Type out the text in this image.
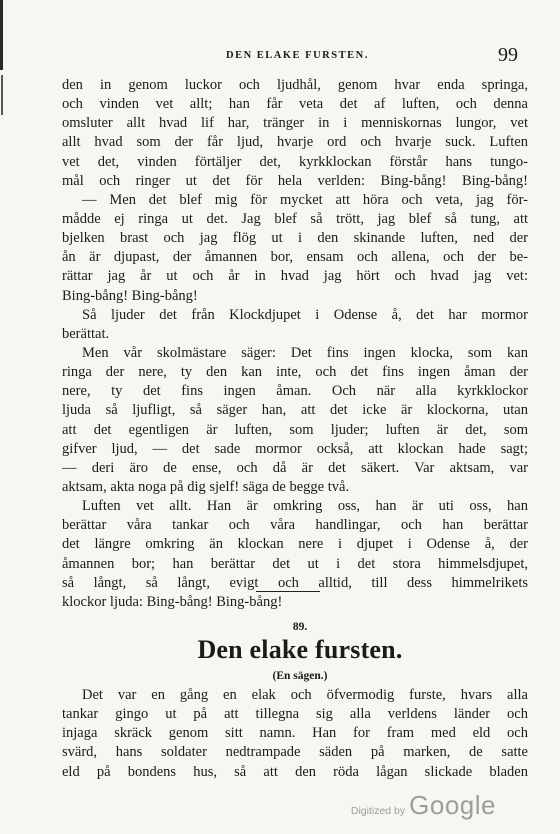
DEN ELAKE FURSTEN.	99
den in genom luckor och ljudhål, genom hvar enda springa,
och vinden vet allt; han får veta det af luften, och denna
omsluter allt hvad lif har, tränger in i menniskornas lungor, vet
allt hvad som der får ljud, hvarje ord och hvarje suck. Luften
vet det, vinden förtäljer det, kyrkklockan förstår hans tungo-
mål och ringer ut det för hela verlden: Bing-bång! Bing-bång!
— Men det blef mig för mycket att höra och veta, jag för-
mådde ej ringa ut det. Jag blef så trött, jag blef så tung, att
bjelken brast och jag flög ut i den skinande luften, ned der
ån är djupast, der åmannen bor, ensam och allena, och der be-
rättar jag år ut och år in hvad jag hört och hvad jag vet:
Bing-bång! Bing-bång!
Så ljuder det från Klockdjupet i Odense å, det har mormor
berättat.
Men vår skolmästare säger: Det fins ingen klocka, som kan
ringa der nere, ty den kan inte, och det fins ingen åman der
nere, ty det fins ingen åman. Och när alla kyrkklockor
ljuda så ljufligt, så säger han, att det icke är klockorna, utan
att det egentligen är luften, som ljuder; luften är det, som
gifver ljud, — det sade mormor också, att klockan hade sagt;
— deri äro de ense, och då är det säkert. Var aktsam, var
aktsam, akta noga på dig sjelf! säga de begge två.
Luften vet allt. Han är omkring oss, han är uti oss, han
berättar våra tankar och våra handlingar, och han berättar
det längre omkring än klockan nere i djupet i Odense å, der
åmannen bor; han berättar det ut i det stora himmelsdjupet,
så långt, så långt, evigt och alltid, till dess himmelrikets
klockor ljuda: Bing-bång! Bing-bång!
89.
Den elake fursten.
(En sägen.)
Det var en gång en elak och öfvermodig furste, hvars alla
tankar gingo ut på att tillegna sig alla verldens länder och
injaga skräck genom sitt namn. Han for fram med eld och
svärd, hans soldater nedtrampade säden på marken, de satte
eld på bondens hus, så att den röda lågan slickade bladen
Digitized by Google
